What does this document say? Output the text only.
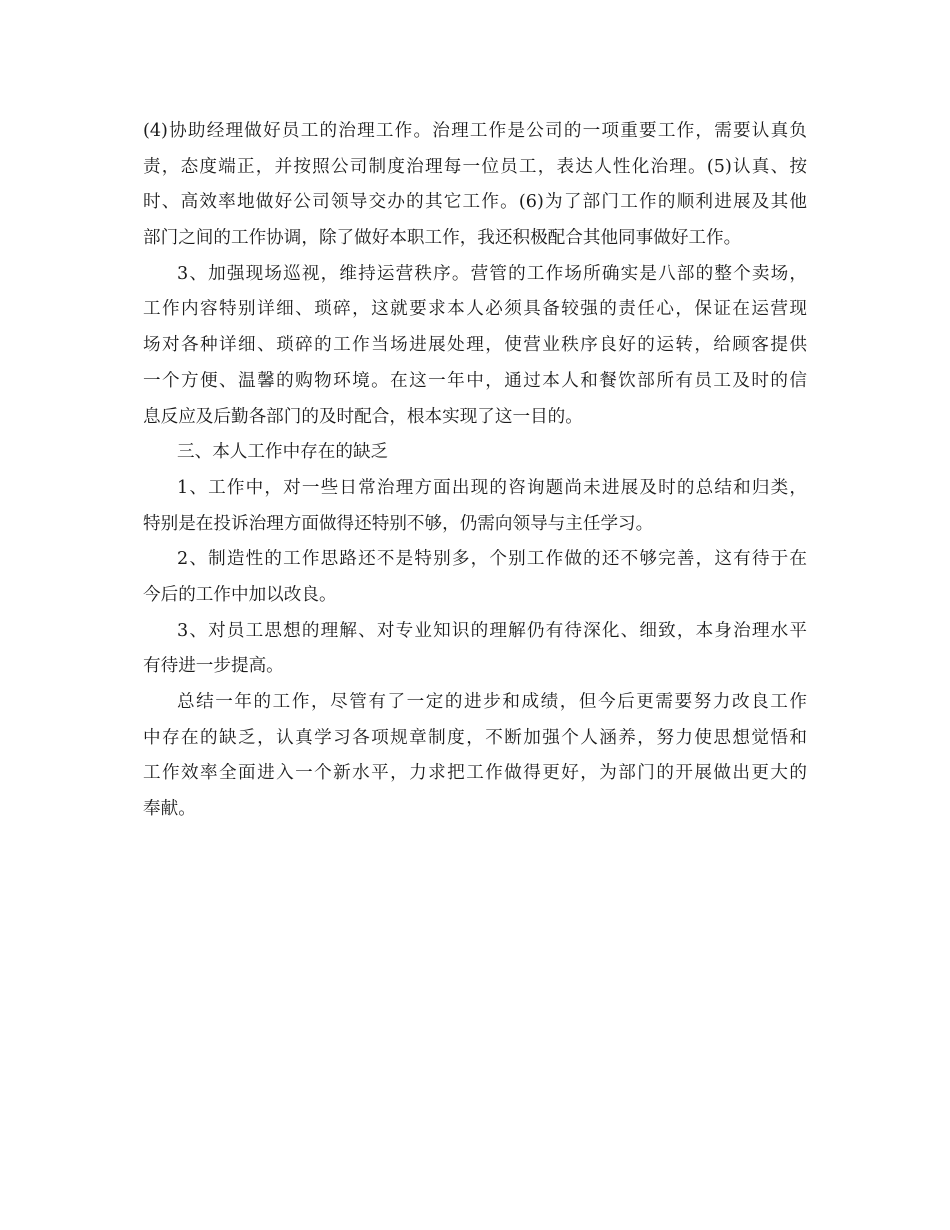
(4)协助经理做好员工的治理工作。治理工作是公司的一项重要工作，需要认真负
责，态度端正，并按照公司制度治理每一位员工，表达人性化治理。(5)认真、按
时、高效率地做好公司领导交办的其它工作。(6)为了部门工作的顺利进展及其他
部门之间的工作协调，除了做好本职工作，我还积极配合其他同事做好工作。
3、加强现场巡视，维持运营秩序。营管的工作场所确实是八部的整个卖场，
工作内容特别详细、琐碎，这就要求本人必须具备较强的责任心，保证在运营现
场对各种详细、琐碎的工作当场进展处理，使营业秩序良好的运转，给顾客提供
一个方便、温馨的购物环境。在这一年中，通过本人和餐饮部所有员工及时的信
息反应及后勤各部门的及时配合，根本实现了这一目的。
三、本人工作中存在的缺乏
1、工作中，对一些日常治理方面出现的咨询题尚未进展及时的总结和归类，
特别是在投诉治理方面做得还特别不够，仍需向领导与主任学习。
2、制造性的工作思路还不是特别多，个别工作做的还不够完善，这有待于在
今后的工作中加以改良。
3、对员工思想的理解、对专业知识的理解仍有待深化、细致，本身治理水平
有待进一步提高。
总结一年的工作，尽管有了一定的进步和成绩，但今后更需要努力改良工作
中存在的缺乏，认真学习各项规章制度，不断加强个人涵养，努力使思想觉悟和
工作效率全面进入一个新水平，力求把工作做得更好，为部门的开展做出更大的
奉献。
